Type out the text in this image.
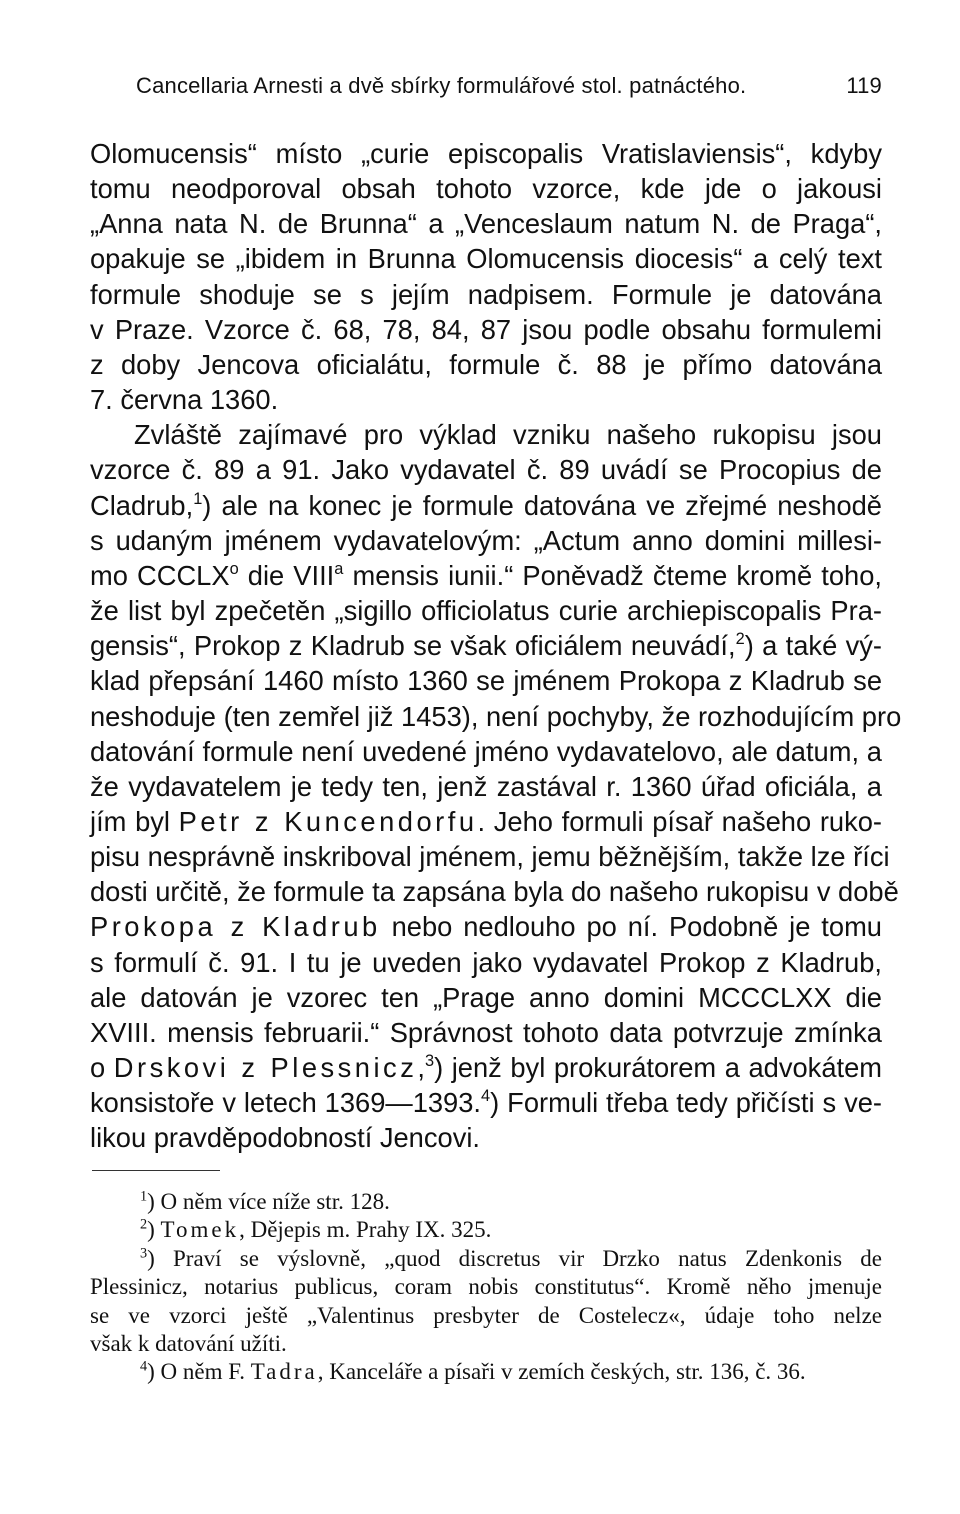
Cancellaria Arnesti a dvě sbírky formulářové stol. patnáctého.	119

Olomucensis“ místo „curie episcopalis Vratislaviensis“, kdyby
tomu neodporoval obsah tohoto vzorce, kde jde o jakousi
„Anna nata N. de Brunna“ a „Venceslaum natum N. de Praga“,
opakuje se „ibidem in Brunna Olomucensis diocesis“ a celý text
formule shoduje se s jejím nadpisem. Formule je datována
v Praze. Vzorce č. 68, 78, 84, 87 jsou podle obsahu formulemi
z doby Jencova oficialátu, formule č. 88 je přímo datována
7. června 1360.

Zvláště zajímavé pro výklad vzniku našeho rukopisu jsou
vzorce č. 89 a 91. Jako vydavatel č. 89 uvádí se Procopius de
Cladrub,$^1$) ale na konec je formule datována ve zřejmé neshodě
s udaným jménem vydavatelovým: „Actum anno domini millesi-
mo CCCLX$^o$ die VIII$^a$ mensis iunii.“ Poněvadž čteme kromě toho,
že list byl zpečetěn „sigillo officiolatus curie archiepiscopalis Pra-
gensis“, Prokop z Kladrub se však oficiálem neuvádí,$^2$) a také vý-
klad přepsání 1460 místo 1360 se jménem Prokopa z Kladrub se
neshoduje (ten zemřel již 1453), není pochyby, že rozhodujícím pro
datování formule není uvedené jméno vydavatelovo, ale datum, a
že vydavatelem je tedy ten, jenž zastával r. 1360 úřad oficiála, a
jím byl Petr z Kuncendorfu. Jeho formuli písař našeho ruko-
pisu nesprávně inskriboval jménem, jemu běžnějším, takže lze říci
dosti určitě, že formule ta zapsána byla do našeho rukopisu v době
Prokopa z Kladrub nebo nedlouho po ní. Podobně je tomu
s formulí č. 91. I tu je uveden jako vydavatel Prokop z Kladrub,
ale datován je vzorec ten „Prage anno domini MCCCLXX die
XVIII. mensis februarii.“ Správnost tohoto data potvrzuje zmínka
o Drskovi z Plessnicz,$^3$) jenž byl prokurátorem a advokátem
konsistoře v letech 1369—1393.$^4$) Formuli třeba tedy přičísti s ve-
likou pravděpodobností Jencovi.

$^1$) O něm více níže str. 128.

$^2$) Tomek, Dějepis m. Prahy IX. 325.

$^3$) Praví se výslovně, „quod discretus vir Drzko natus Zdenkonis de
Plessinicz, notarius publicus, coram nobis constitutus“. Kromě něho jmenuje
se ve vzorci ještě „Valentinus presbyter de Costelecz«, údaje toho nelze
však k datování užíti.

$^4$) O něm F. Tadra, Kanceláře a písaři v zemích českých, str. 136, č. 36.
